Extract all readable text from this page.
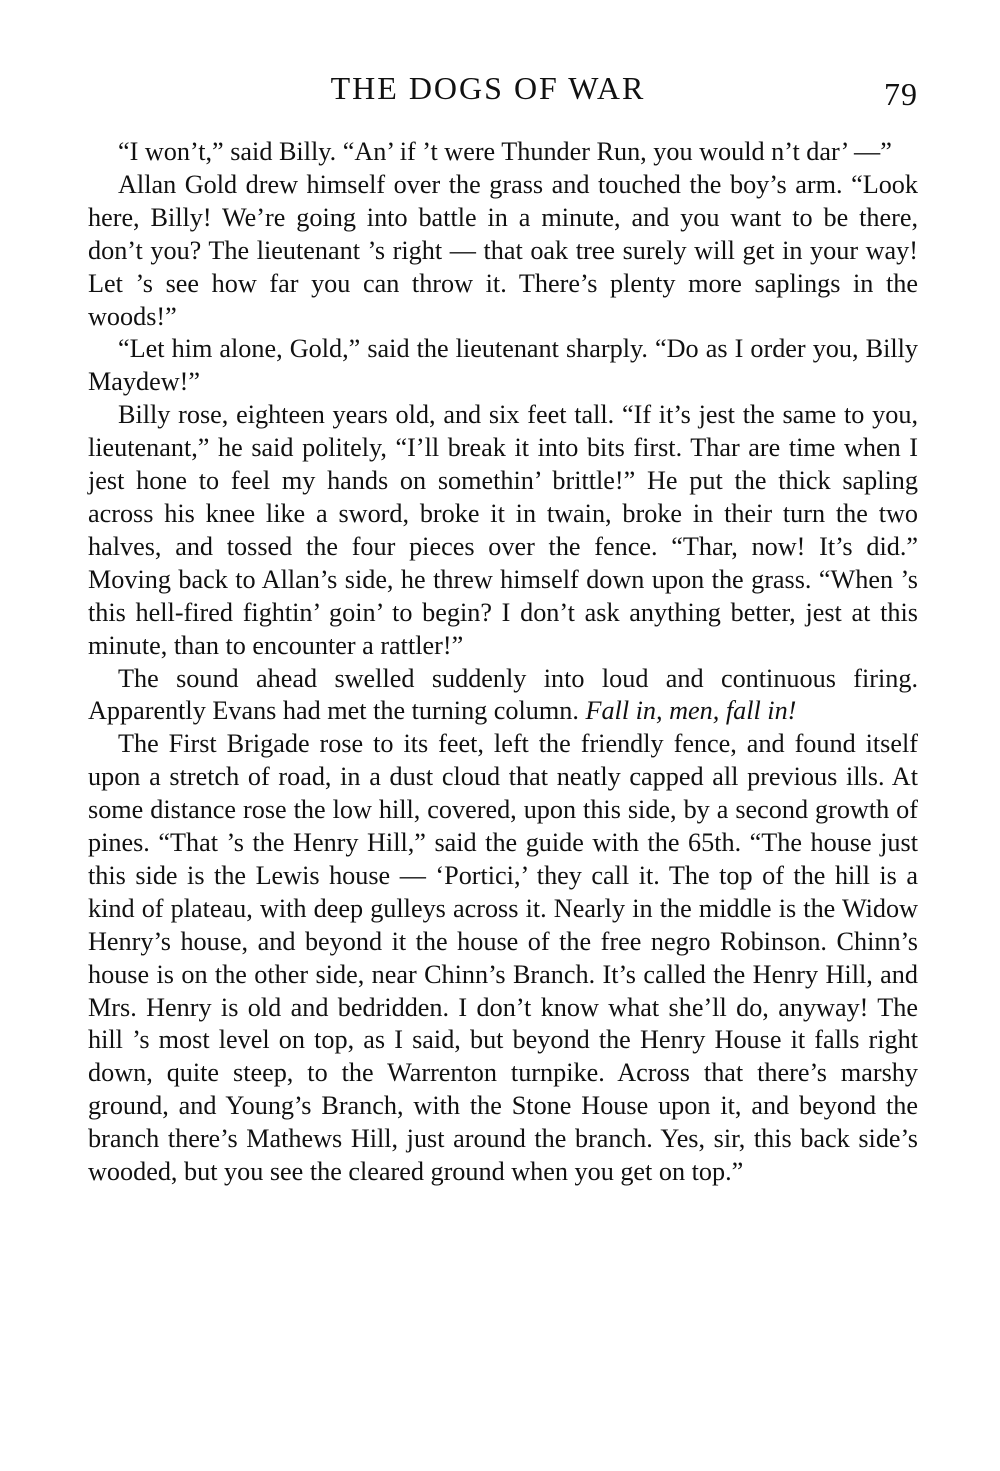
THE DOGS OF WAR	79

“I won’t,” said Billy. “An’ if ’t were Thunder Run, you would n’t dar’ —”

Allan Gold drew himself over the grass and touched the boy’s arm. “Look here, Billy! We’re going into battle in a minute, and you want to be there, don’t you? The lieutenant ’s right — that oak tree surely will get in your way! Let ’s see how far you can throw it. There’s plenty more saplings in the woods!”

“Let him alone, Gold,” said the lieutenant sharply. “Do as I order you, Billy Maydew!”

Billy rose, eighteen years old, and six feet tall. “If it’s jest the same to you, lieutenant,” he said politely, “I’ll break it into bits first. Thar are time when I jest hone to feel my hands on somethin’ brittle!” He put the thick sapling across his knee like a sword, broke it in twain, broke in their turn the two halves, and tossed the four pieces over the fence. “Thar, now! It’s did.” Moving back to Allan’s side, he threw himself down upon the grass. “When ’s this hell-fired fightin’ goin’ to begin? I don’t ask anything better, jest at this minute, than to encounter a rattler!”

The sound ahead swelled suddenly into loud and continuous firing. Apparently Evans had met the turning column. Fall in, men, fall in!

The First Brigade rose to its feet, left the friendly fence, and found itself upon a stretch of road, in a dust cloud that neatly capped all previous ills. At some distance rose the low hill, covered, upon this side, by a second growth of pines. “That ’s the Henry Hill,” said the guide with the 65th. “The house just this side is the Lewis house — ‘Portici,’ they call it. The top of the hill is a kind of plateau, with deep gulleys across it. Nearly in the middle is the Widow Henry’s house, and beyond it the house of the free negro Robinson. Chinn’s house is on the other side, near Chinn’s Branch. It’s called the Henry Hill, and Mrs. Henry is old and bedridden. I don’t know what she’ll do, anyway! The hill ’s most level on top, as I said, but beyond the Henry House it falls right down, quite steep, to the Warrenton turnpike. Across that there’s marshy ground, and Young’s Branch, with the Stone House upon it, and beyond the branch there’s Mathews Hill, just around the branch. Yes, sir, this back side’s wooded, but you see the cleared ground when you get on top.”
